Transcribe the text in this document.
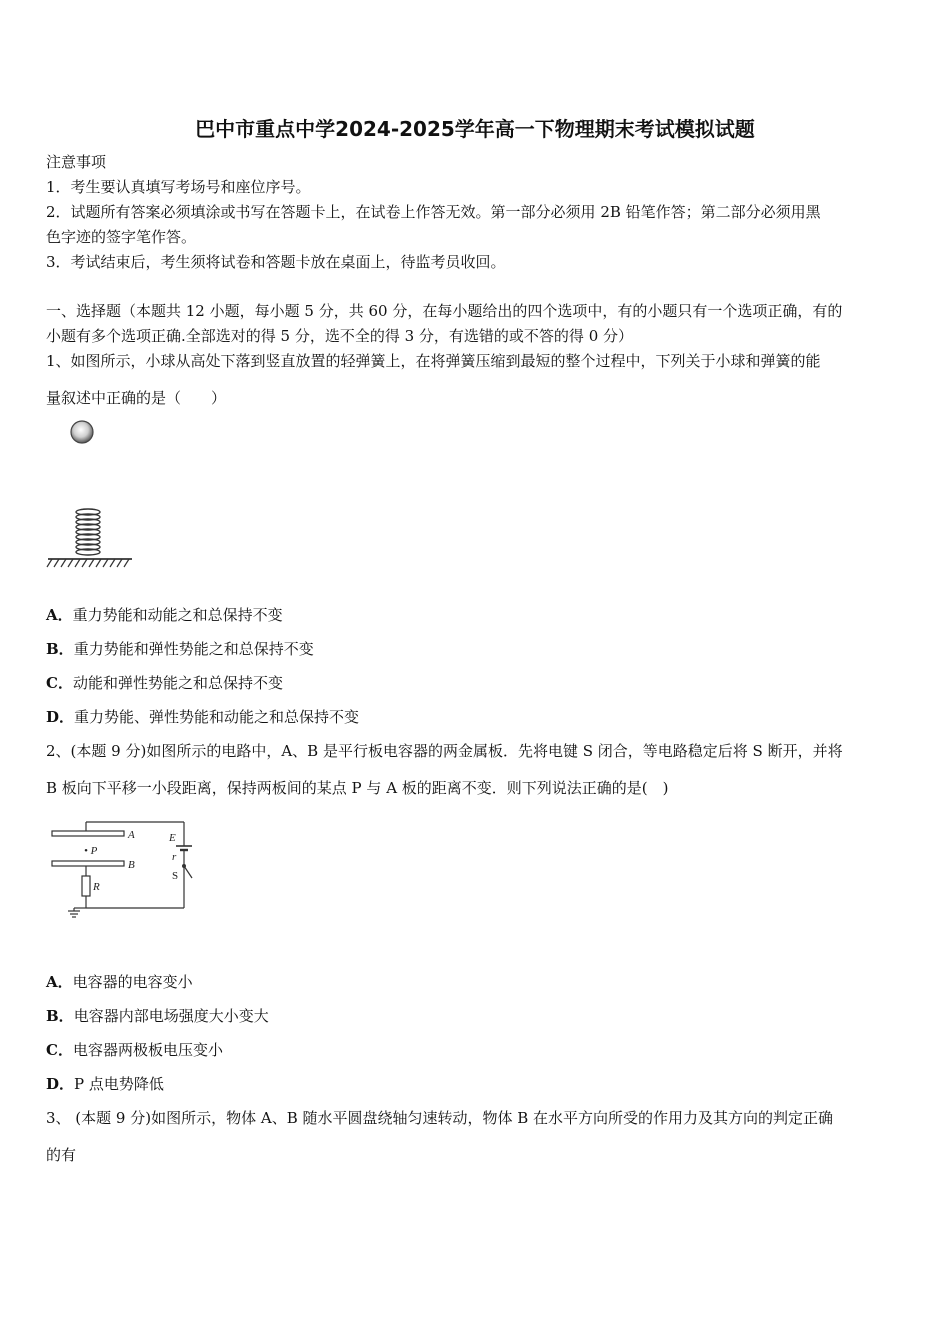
巴中市重点中学2024-2025学年高一下物理期末考试模拟试题
注意事项
1．考生要认真填写考场号和座位序号。
2．试题所有答案必须填涂或书写在答题卡上，在试卷上作答无效。第一部分必须用 2B 铅笔作答；第二部分必须用黑
色字迹的签字笔作答。
3．考试结束后，考生须将试卷和答题卡放在桌面上，待监考员收回。
一、选择题（本题共 12 小题，每小题 5 分，共 60 分，在每小题给出的四个选项中，有的小题只有一个选项正确，有的
小题有多个选项正确.全部选对的得 5 分，选不全的得 3 分，有选错的或不答的得 0 分）
1、如图所示，小球从高处下落到竖直放置的轻弹簧上，在将弹簧压缩到最短的整个过程中，下列关于小球和弹簧的能
量叙述中正确的是（　　）
A．重力势能和动能之和总保持不变
B．重力势能和弹性势能之和总保持不变
C．动能和弹性势能之和总保持不变
D．重力势能、弹性势能和动能之和总保持不变
2、(本题 9 分)如图所示的电路中，A、B 是平行板电容器的两金属板．先将电键 S 闭合，等电路稳定后将 S 断开，并将
B 板向下平移一小段距离，保持两板间的某点 P 与 A 板的距离不变．则下列说法正确的是(　)
A
B
• P
R
E
r
S
A．电容器的电容变小
B．电容器内部电场强度大小变大
C．电容器两极板电压变小
D．P 点电势降低
3、 (本题 9 分)如图所示，物体 A、B 随水平圆盘绕轴匀速转动，物体 B 在水平方向所受的作用力及其方向的判定正确
的有
